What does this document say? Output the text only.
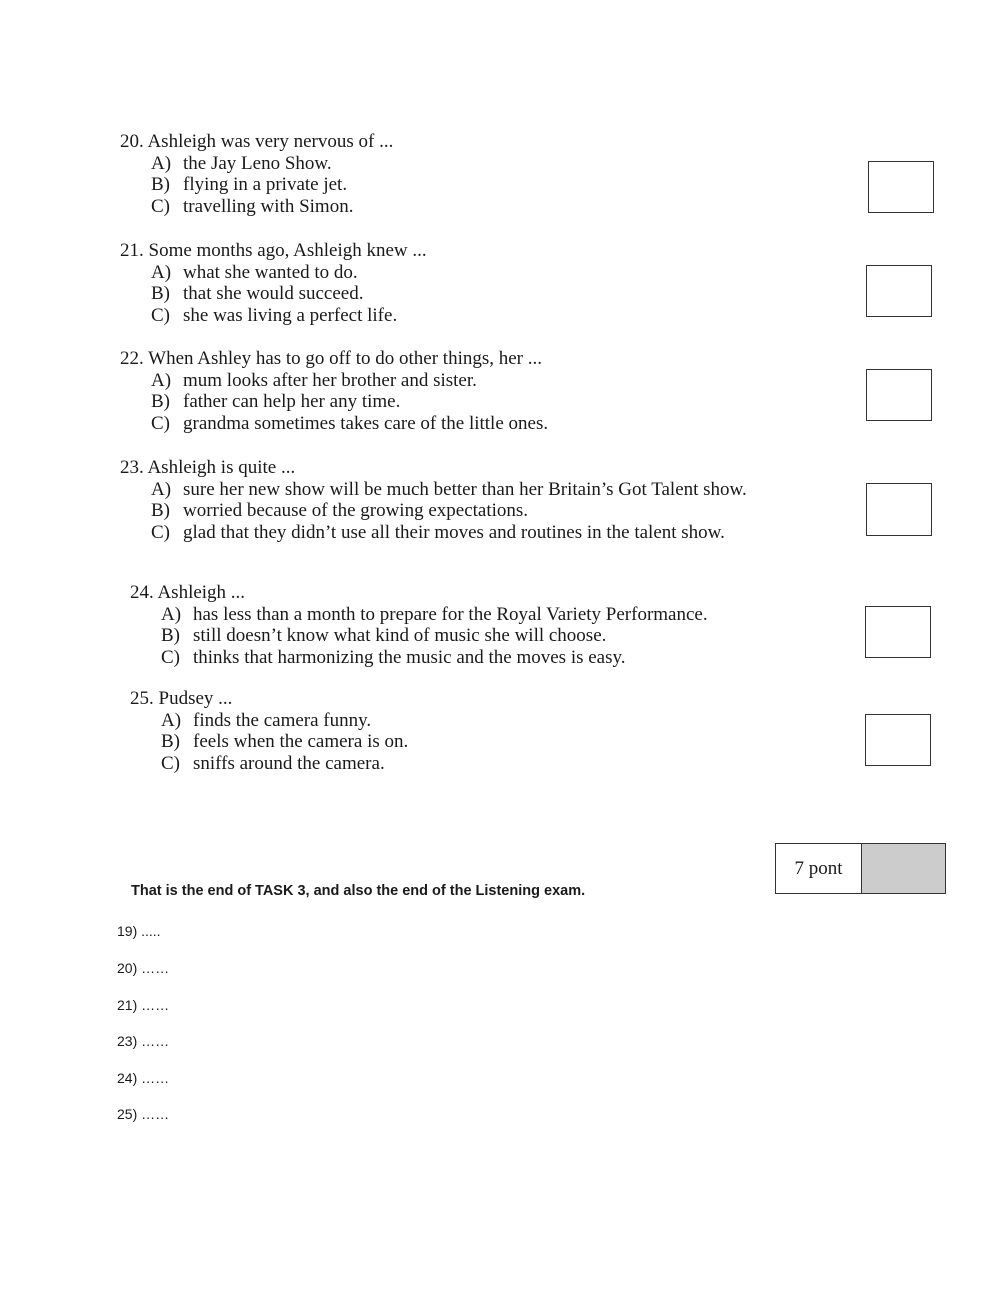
20. Ashleigh was very nervous of ...
A) the Jay Leno Show.
B) flying in a private jet.
C) travelling with Simon.
21. Some months ago, Ashleigh knew ...
A) what she wanted to do.
B) that she would succeed.
C) she was living a perfect life.
22. When Ashley has to go off to do other things, her ...
A) mum looks after her brother and sister.
B) father can help her any time.
C) grandma sometimes takes care of the little ones.
23. Ashleigh is quite ...
A) sure her new show will be much better than her Britain’s Got Talent show.
B) worried because of the growing expectations.
C) glad that they didn’t use all their moves and routines in the talent show.
24. Ashleigh ...
A) has less than a month to prepare for the Royal Variety Performance.
B) still doesn’t know what kind of music she will choose.
C) thinks that harmonizing the music and the moves is easy.
25. Pudsey ...
A) finds the camera funny.
B) feels when the camera is on.
C) sniffs around the camera.
7 pont
That is the end of TASK 3, and also the end of the Listening exam.
19) .....
20) ……
21) ……
23) ……
24) ……
25) ……
